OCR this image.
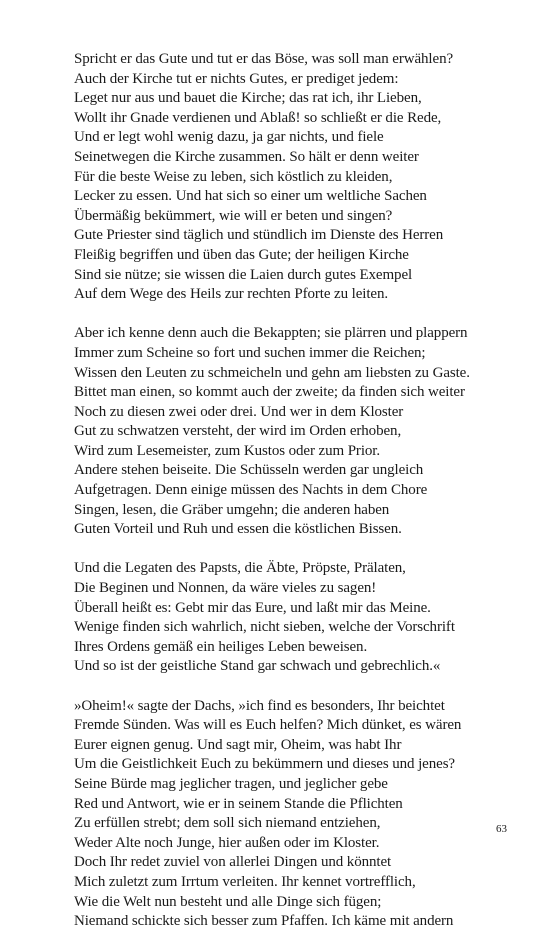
Spricht er das Gute und tut er das Böse, was soll man erwählen?
Auch der Kirche tut er nichts Gutes, er prediget jedem:
Leget nur aus und bauet die Kirche; das rat ich, ihr Lieben,
Wollt ihr Gnade verdienen und Ablaß! so schließt er die Rede,
Und er legt wohl wenig dazu, ja gar nichts, und fiele
Seinetwegen die Kirche zusammen. So hält er denn weiter
Für die beste Weise zu leben, sich köstlich zu kleiden,
Lecker zu essen. Und hat sich so einer um weltliche Sachen
Übermäßig bekümmert, wie will er beten und singen?
Gute Priester sind täglich und stündlich im Dienste des Herren
Fleißig begriffen und üben das Gute; der heiligen Kirche
Sind sie nütze; sie wissen die Laien durch gutes Exempel
Auf dem Wege des Heils zur rechten Pforte zu leiten.
Aber ich kenne denn auch die Bekappten; sie plärren und plappern
Immer zum Scheine so fort und suchen immer die Reichen;
Wissen den Leuten zu schmeicheln und gehn am liebsten zu Gaste.
Bittet man einen, so kommt auch der zweite; da finden sich weiter
Noch zu diesen zwei oder drei. Und wer in dem Kloster
Gut zu schwatzen versteht, der wird im Orden erhoben,
Wird zum Lesemeister, zum Kustos oder zum Prior.
Andere stehen beiseite. Die Schüsseln werden gar ungleich
Aufgetragen. Denn einige müssen des Nachts in dem Chore
Singen, lesen, die Gräber umgehn; die anderen haben
Guten Vorteil und Ruh und essen die köstlichen Bissen.
Und die Legaten des Papsts, die Äbte, Pröpste, Prälaten,
Die Beginen und Nonnen, da wäre vieles zu sagen!
Überall heißt es: Gebt mir das Eure, und laßt mir das Meine.
Wenige finden sich wahrlich, nicht sieben, welche der Vorschrift
Ihres Ordens gemäß ein heiliges Leben beweisen.
Und so ist der geistliche Stand gar schwach und gebrechlich.«
»Oheim!« sagte der Dachs, »ich find es besonders, Ihr beichtet
Fremde Sünden. Was will es Euch helfen? Mich dünket, es wären
Eurer eignen genug. Und sagt mir, Oheim, was habt Ihr
Um die Geistlichkeit Euch zu bekümmern und dieses und jenes?
Seine Bürde mag jeglicher tragen, und jeglicher gebe
Red und Antwort, wie er in seinem Stande die Pflichten
Zu erfüllen strebt; dem soll sich niemand entziehen,
Weder Alte noch Junge, hier außen oder im Kloster.
Doch Ihr redet zuviel von allerlei Dingen und könntet
Mich zuletzt zum Irrtum verleiten. Ihr kennet vortrefflich,
Wie die Welt nun besteht und alle Dinge sich fügen;
Niemand schickte sich besser zum Pfaffen. Ich käme mit andern
63
